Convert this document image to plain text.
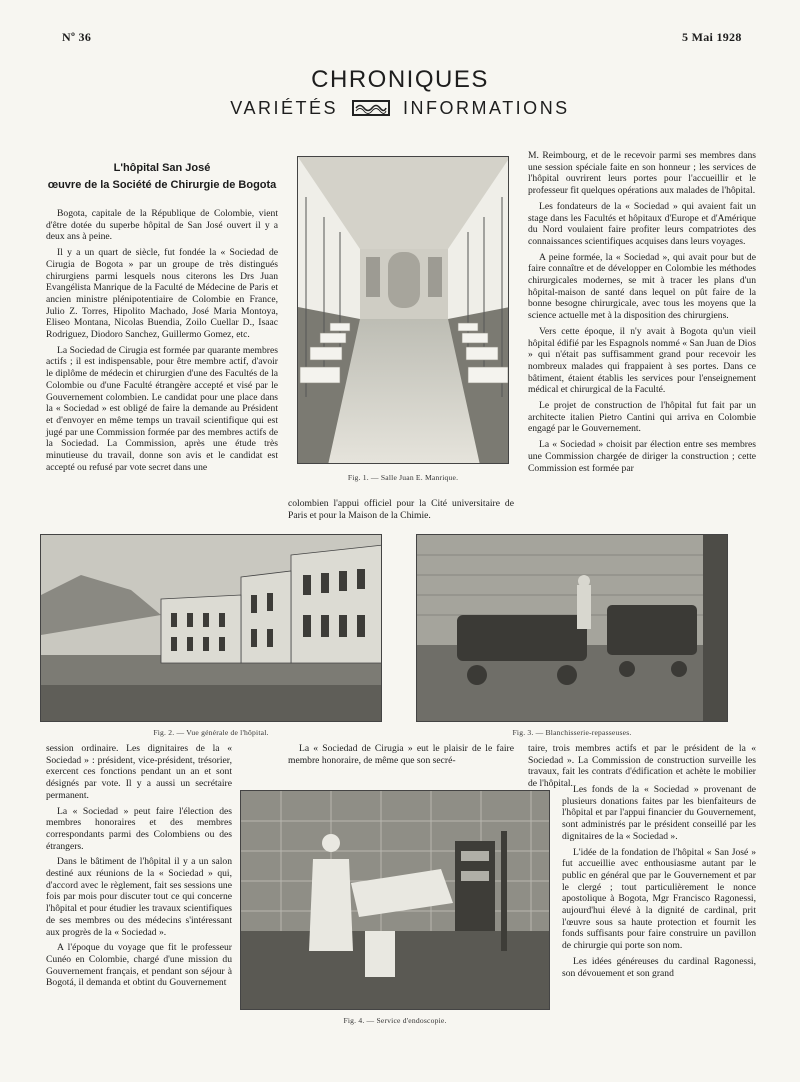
Nº 36	5 Mai 1928
CHRONIQUES
VARIÉTÉS	INFORMATIONS
L'hôpital San José
œuvre de la Société de Chirurgie de Bogota

Bogota, capitale de la République de Colombie, vient d'être dotée du superbe hôpital de San José ouvert il y a deux ans à peine.

Il y a un quart de siècle, fut fondée la « Sociedad de Cirugia de Bogota » par un groupe de très distingués chirurgiens parmi lesquels nous citerons les Drs Juan Evangélista Manrique de la Faculté de Médecine de Paris et ancien ministre plénipotentiaire de Colombie en France, Julio Z. Torres, Hipolito Machado, José Maria Montoya, Eliseo Montana, Nicolas Buendia, Zoilo Cuellar D., Isaac Rodriguez, Diodoro Sanchez, Guillermo Gomez, etc.

La Sociedad de Cirugia est formée par quarante membres actifs ; il est indispensable, pour être membre actif, d'avoir le diplôme de médecin et chirurgien d'une des Facultés de la Colombie ou d'une Faculté étrangère accepté et visé par le Gouvernement colombien. Le candidat pour une place dans la « Sociedad » est obligé de faire la demande au Président et d'envoyer en même temps un travail scientifique qui est jugé par une Commission formée par des membres actifs de la Sociedad. La Commission, après une étude très minutieuse du travail, donne son avis et le candidat est accepté ou refusé par vote secret dans une

Fig. 1. — Salle Juan E. Manrique.

colombien l'appui officiel pour la Cité universitaire de Paris et pour la Maison de la Chimie.

M. Reimbourg, et de le recevoir parmi ses membres dans une session spéciale faite en son honneur ; les services de l'hôpital ouvrirent leurs portes pour l'accueillir et le professeur fit quelques opérations aux malades de l'hôpital.

Les fondateurs de la « Sociedad » qui avaient fait un stage dans les Facultés et hôpitaux d'Europe et d'Amérique du Nord voulaient faire profiter leurs compatriotes des connaissances scientifiques acquises dans leurs voyages.

A peine formée, la « Sociedad », qui avait pour but de faire connaître et de développer en Colombie les méthodes chirurgicales modernes, se mit à tracer les plans d'un hôpital-maison de santé dans lequel on pût faire de la bonne besogne chirurgicale, avec tous les moyens que la science actuelle met à la disposition des chirurgiens.

Vers cette époque, il n'y avait à Bogota qu'un vieil hôpital édifié par les Espagnols nommé « San Juan de Dios » qui n'était pas suffisamment grand pour recevoir les nombreux malades qui frappaient à ses portes. Dans ce bâtiment, étaient établis les services pour l'enseignement médical et chirurgical de la Faculté.

Le projet de construction de l'hôpital fut fait par un architecte italien Pietro Cantini qui arriva en Colombie engagé par le Gouvernement.

La « Sociedad » choisit par élection entre ses membres une Commission chargée de diriger la construction ; cette Commission est formée par

Fig. 2. — Vue générale de l'hôpital.	Fig. 3. — Blanchisserie-repasseuses.

session ordinaire. Les dignitaires de la « Sociedad » : président, vice-président, trésorier, exercent ces fonctions pendant un an et sont désignés par vote. Il y a aussi un secrétaire permanent.

La « Sociedad » peut faire l'élection des membres honoraires et des membres correspondants parmi des Colombiens ou des étrangers.

Dans le bâtiment de l'hôpital il y a un salon destiné aux réunions de la « Sociedad » qui, d'accord avec le règlement, fait ses sessions une fois par mois pour discuter tout ce qui concerne l'hôpital et pour étudier les travaux scientifiques de ses membres ou des médecins s'intéressant aux progrès de la « Sociedad ».

A l'époque du voyage que fit le professeur Cunéo en Colombie, chargé d'une mission du Gouvernement français, et pendant son séjour à Bogotá, il demanda et obtint du Gouvernement

La « Sociedad de Cirugia » eut le plaisir de le faire membre honoraire, de même que son secré-

Fig. 4. — Service d'endoscopie.

taire, trois membres actifs et par le président de la « Sociedad ». La Commission de construction surveille les travaux, fait les contrats d'édification et achète le mobilier de l'hôpital.

Les fonds de la « Sociedad » provenant de plusieurs donations faites par les bienfaiteurs de l'hôpital et par l'appui financier du Gouvernement, sont administrés par le président conseillé par les dignitaires de la « Sociedad ».

L'idée de la fondation de l'hôpital « San José » fut accueillie avec enthousiasme autant par le public en général que par le Gouvernement et par le clergé ; tout particulièrement le nonce apostolique à Bogota, Mgr Francisco Ragonessi, aujourd'hui élevé à la dignité de cardinal, prit l'œuvre sous sa haute protection et fournit les fonds suffisants pour faire construire un pavillon de chirurgie qui porte son nom.

Les idées généreuses du cardinal Ragonessi, son dévouement et son grand
